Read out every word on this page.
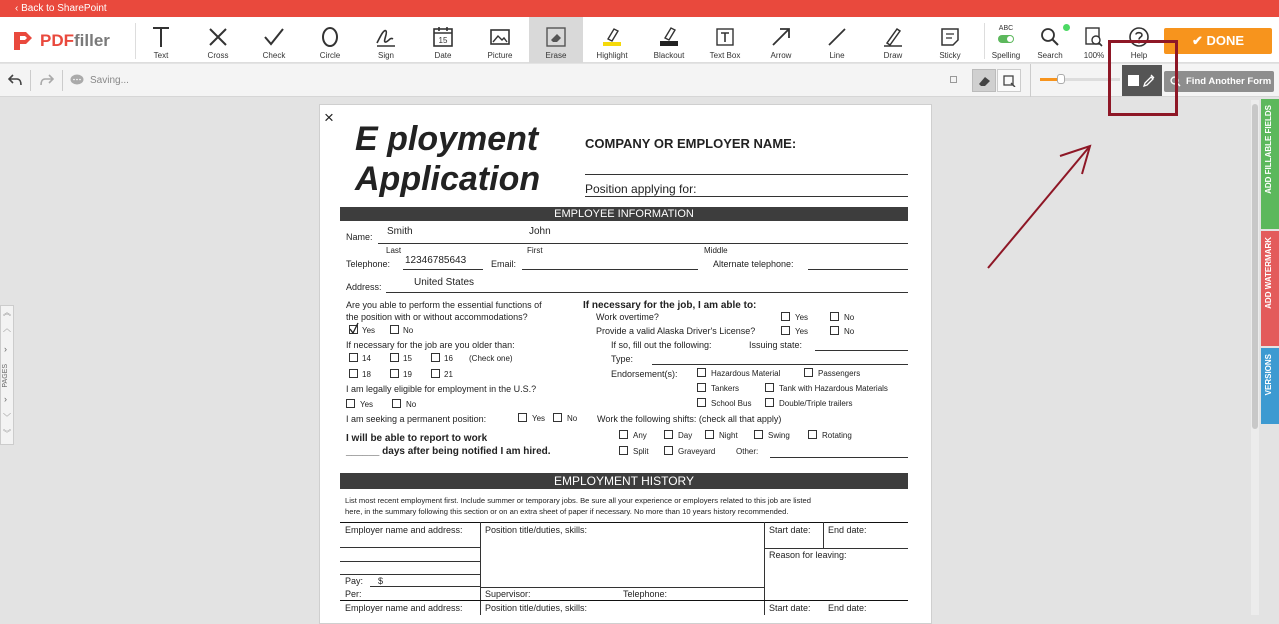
‹ Back to SharePoint
PDF filler
Text	Cross	Check	Circle	Sign
15
Date	Picture	Erase	Highlight	Blackout	Text Box	Arrow	Line	Draw	Sticky
ABC
Spelling	Search	100%	Help
✔ DONE
Saving...	Find Another Form
︽
︿
›
PAGES
›
﹀
︾
ADD FILLABLE FIELDS
ADD WATERMARK
VERSIONS
×
E ployment
Application
COMPANY OR EMPLOYER NAME:
Position applying for:
EMPLOYEE INFORMATION
Name: Smith	John
Last	First	Middle
Telephone: 12346785643	Email:	Alternate telephone:
Address:	United States
Are you able to perform the essential functions of
the position with or without accommodations?
Yes	No
If necessary for the job are you older than:
14	15	16 (Check one)
18	19	21
I am legally eligible for employment in the U.S.?
Yes	No
I am seeking a permanent position:	Yes	No
I will be able to report to work
______ days after being notified I am hired.
If necessary for the job, I am able to:
Work overtime?	Yes	No
Provide a valid Alaska Driver's License?	Yes	No
If so, fill out the following:	Issuing state:
Type:
Endorsement(s):	Hazardous Material	Passengers
Tankers	Tank with Hazardous Materials
School Bus	Double/Triple trailers
Work the following shifts: (check all that apply)
Any	Day	Night	Swing	Rotating
Split	Graveyard	Other:
EMPLOYMENT HISTORY
List most recent employment first. Include summer or temporary jobs. Be sure all your experience or employers related to this job are listed
here, in the summary following this section or on an extra sheet of paper if necessary. No more than 10 years history recommended.
Employer name and address: Position title/duties, skills:	Start date: End date:
Reason for leaving:
Pay: $
Per:	Supervisor:	Telephone:
Employer name and address: Position title/duties, skills:	Start date: End date:
